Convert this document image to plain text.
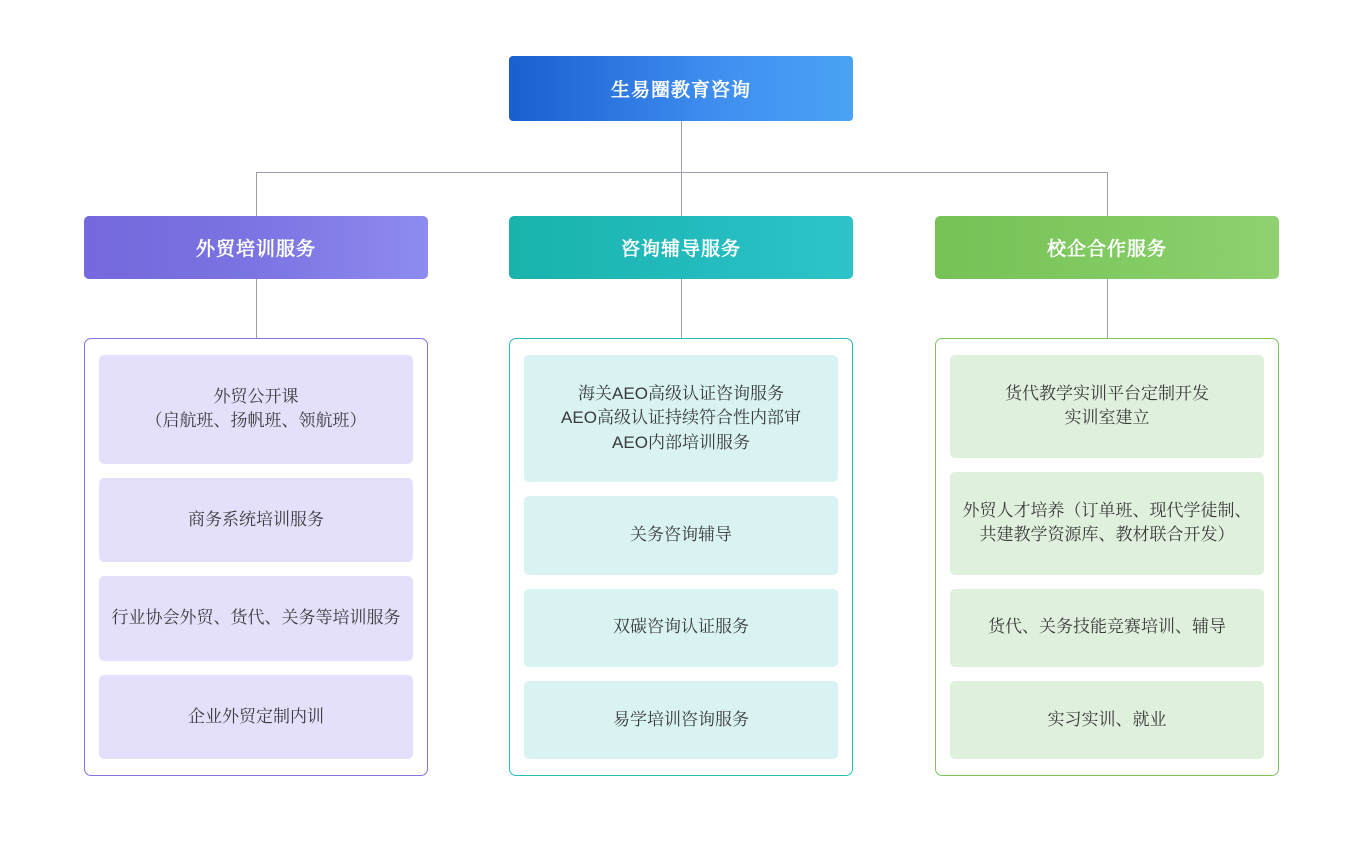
生易圈教育咨询
外贸培训服务
外贸公开课
（启航班、扬帆班、领航班）
商务系统培训服务
行业协会外贸、货代、关务等培训服务
企业外贸定制内训
咨询辅导服务
海关AEO高级认证咨询服务
AEO高级认证持续符合性内部审
AEO内部培训服务
关务咨询辅导
双碳咨询认证服务
易学培训咨询服务
校企合作服务
货代教学实训平台定制开发
实训室建立
外贸人才培养（订单班、现代学徒制、共建教学资源库、教材联合开发）
货代、关务技能竞赛培训、辅导
实习实训、就业
